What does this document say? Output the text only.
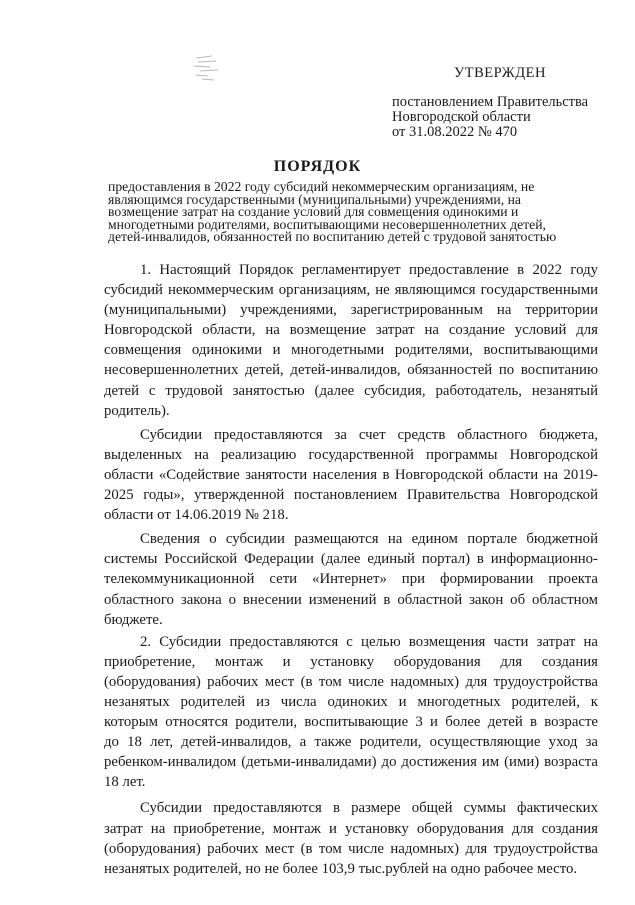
УТВЕРЖДЕН
постановлением Правительства
Новгородской области
от 31.08.2022 № 470
ПОРЯДОК
предоставления в 2022 году субсидий некоммерческим организациям, не
являющимся государственными (муниципальными) учреждениями, на
возмещение затрат на создание условий для совмещения одинокими и
многодетными родителями, воспитывающими несовершеннолетних детей,
детей-инвалидов, обязанностей по воспитанию детей с трудовой занятостью

1. Настоящий Порядок регламентирует предоставление в 2022 году
субсидий некоммерческим организациям, не являющимся государственными
(муниципальными) учреждениями, зарегистрированным на территории
Новгородской области, на возмещение затрат на создание условий для
совмещения одинокими и многодетными родителями, воспитывающими
несовершеннолетних детей, детей-инвалидов, обязанностей по воспитанию
детей с трудовой занятостью (далее субсидия, работодатель, незанятый
родитель).

Субсидии предоставляются за счет средств областного бюджета,
выделенных на реализацию государственной программы Новгородской
области «Содействие занятости населения в Новгородской области на 2019-
2025 годы», утвержденной постановлением Правительства Новгородской
области от 14.06.2019 № 218.

Сведения о субсидии размещаются на едином портале бюджетной
системы Российской Федерации (далее единый портал) в информационно-
телекоммуникационной сети «Интернет» при формировании проекта
областного закона о внесении изменений в областной закон об областном
бюджете.

2. Субсидии предоставляются с целью возмещения части затрат на
приобретение, монтаж и установку оборудования для создания
(оборудования) рабочих мест (в том числе надомных) для трудоустройства
незанятых родителей из числа одиноких и многодетных родителей, к
которым относятся родители, воспитывающие 3 и более детей в возрасте
до 18 лет, детей-инвалидов, а также родители, осуществляющие уход за
ребенком-инвалидом (детьми-инвалидами) до достижения им (ими) возраста
18 лет.

Субсидии предоставляются в размере общей суммы фактических
затрат на приобретение, монтаж и установку оборудования для создания
(оборудования) рабочих мест (в том числе надомных) для трудоустройства
незанятых родителей, но не более 103,9 тыс.рублей на одно рабочее место.
